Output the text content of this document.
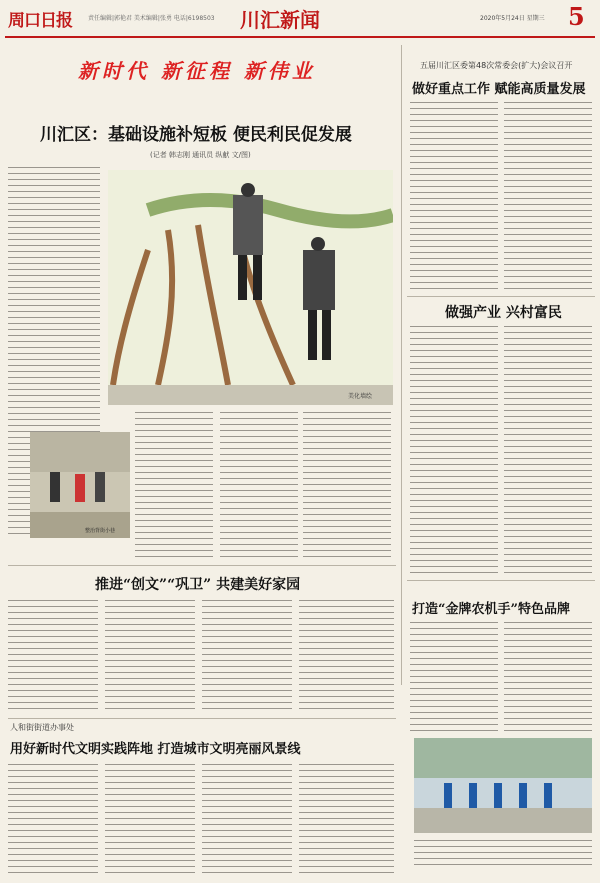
周口日报	责任编辑|郭艳君 美术编辑|张勇 电话|6198503 川汇新闻	2020年5月24日 星期三 5
新时代 新征程 新伟业
川汇区：基础设施补短板 便民利民促发展
(记者 韩志刚 通讯员 纵献 文/图)
美化墙绘
整治背街小巷
五届川汇区委第48次常委会(扩大)会议召开
做好重点工作 赋能高质量发展
做强产业 兴村富民
打造“金牌农机手”特色品牌
推进“创文”“巩卫” 共建美好家园
人和街街道办事处
用好新时代文明实践阵地 打造城市文明亮丽风景线
